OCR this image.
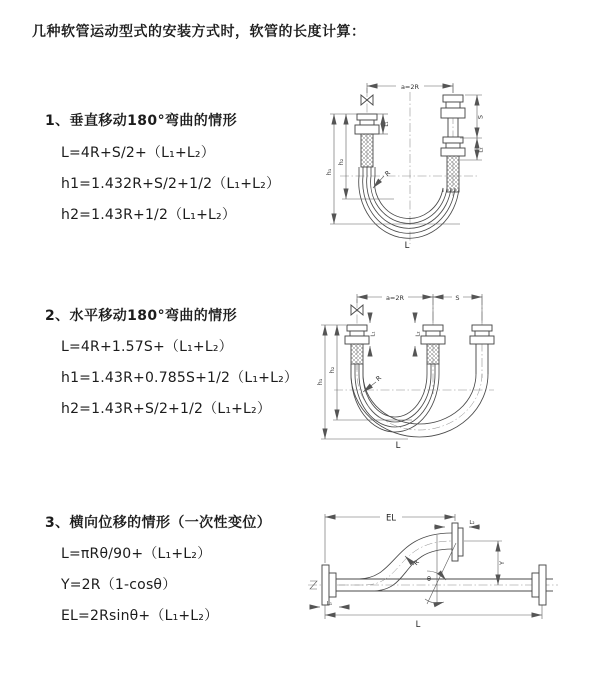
几种软管运动型式的安装方式时，软管的长度计算：
1、垂直移动180°弯曲的情形
L=4R+S/2+（L₁+L₂）
h1=1.432R+S/2+1/2（L₁+L₂）
h2=1.43R+1/2（L₁+L₂）
2、水平移动180°弯曲的情形
L=4R+1.57S+（L₁+L₂）
h1=1.43R+0.785S+1/2（L₁+L₂）
h2=1.43R+S/2+1/2（L₁+L₂）
3、横向位移的情形（一次性变位）
L=πRθ/90+（L₁+L₂）
Y=2R（1-cosθ）
EL=2Rsinθ+（L₁+L₂）
a=2R
h₁
h₂
L₁
S
L₂
R
L
a=2R	S
h₁
h₂
L₁	L₂
R
L
θ
R
EL	L₂
Y
L₁
L
